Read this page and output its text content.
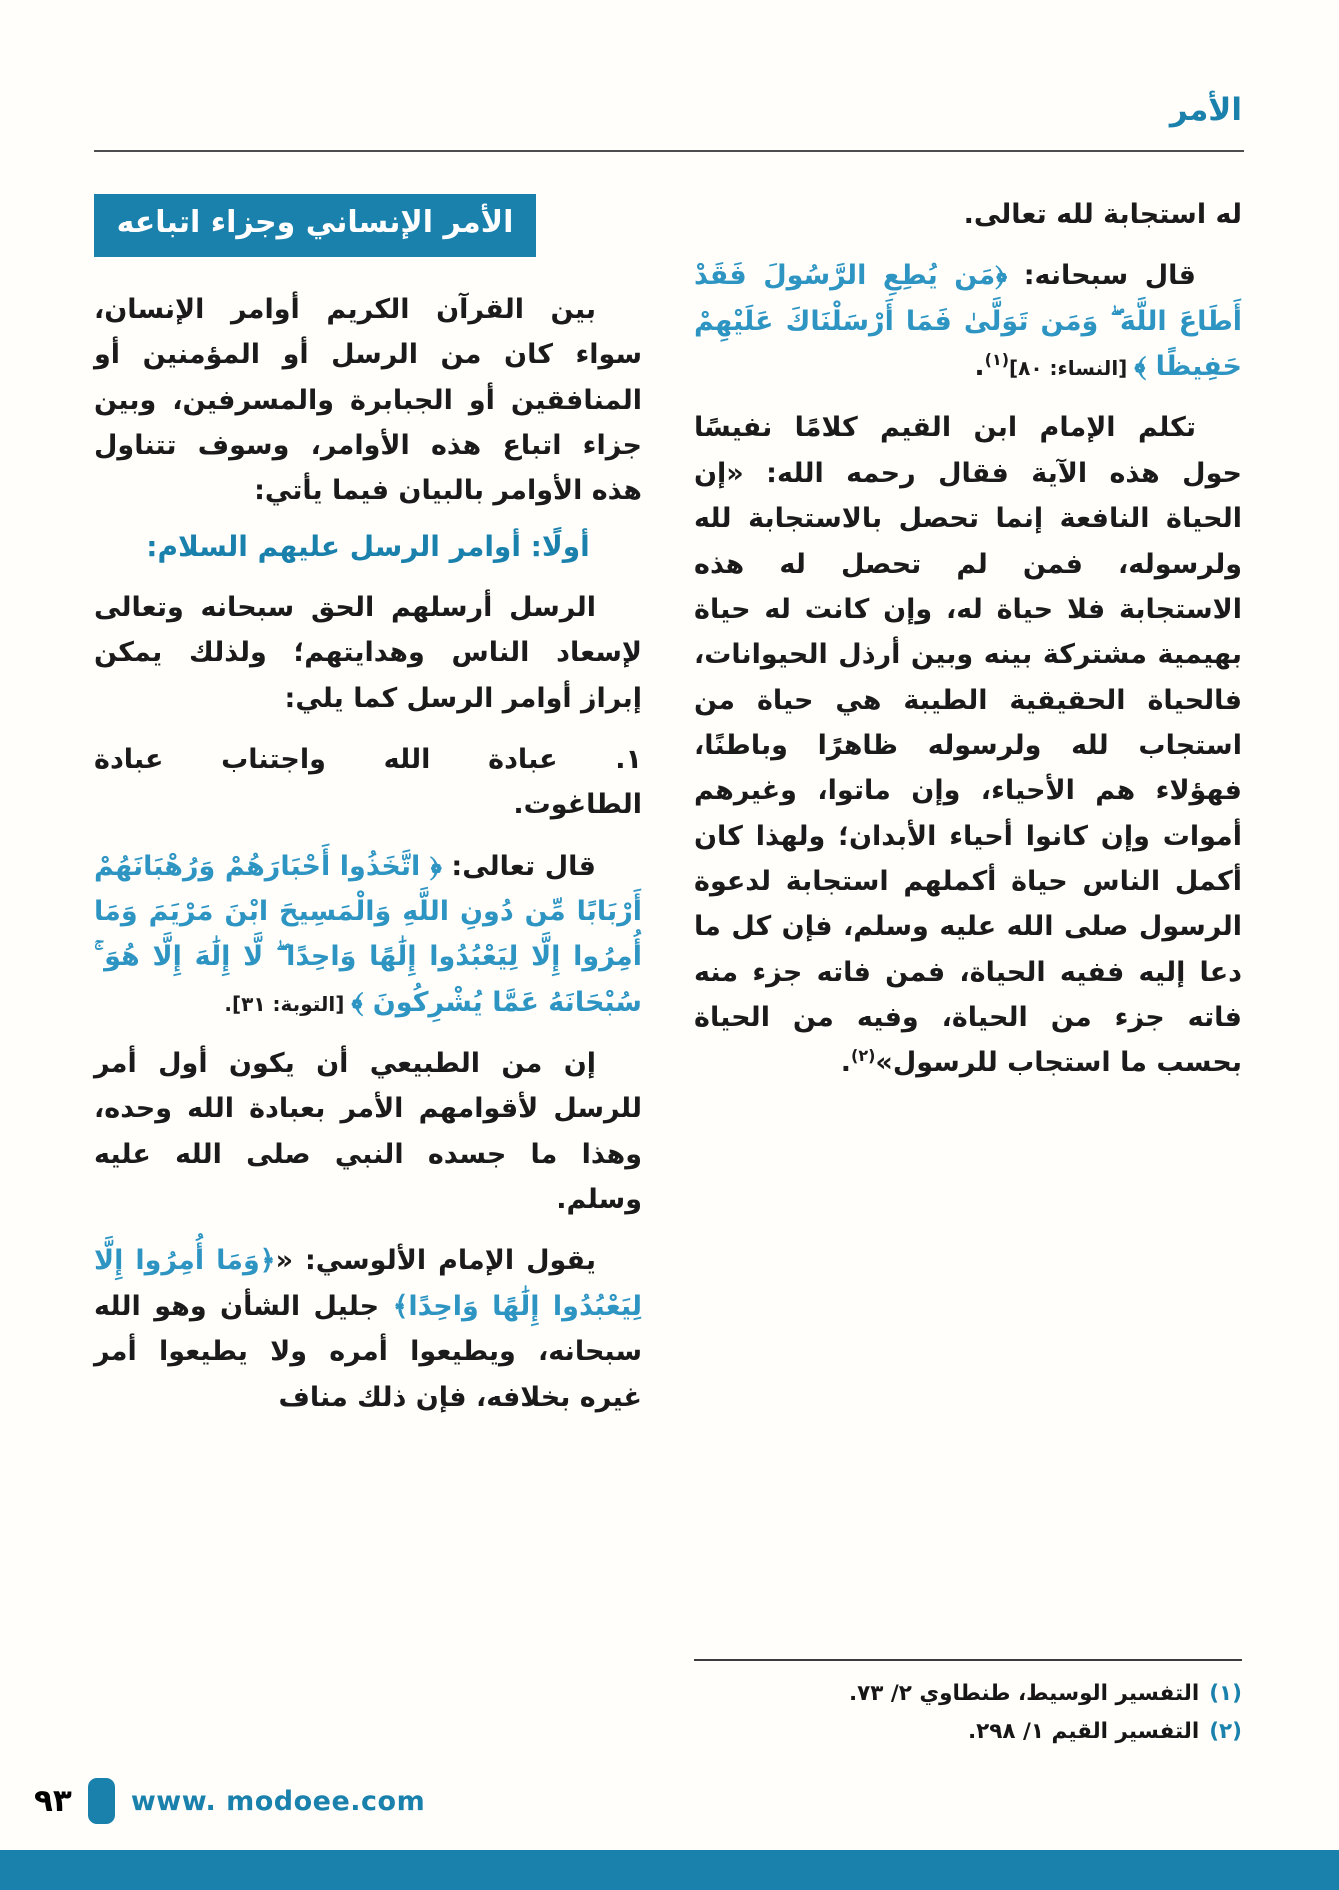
الأمر

له استجابة لله تعالى.

قال سبحانه: ﴿مَن يُطِعِ الرَّسُولَ فَقَدْ أَطَاعَ اللَّهَ ۖ وَمَن تَوَلَّىٰ فَمَا أَرْسَلْنَاكَ عَلَيْهِمْ حَفِيظًا ﴾ [النساء: ٨٠]$^{(١)}$.

تكلم الإمام ابن القيم كلامًا نفيسًا حول هذه الآية فقال رحمه الله: «إن الحياة النافعة إنما تحصل بالاستجابة لله ولرسوله، فمن لم تحصل له هذه الاستجابة فلا حياة له، وإن كانت له حياة بهيمية مشتركة بينه وبين أرذل الحيوانات، فالحياة الحقيقية الطيبة هي حياة من استجاب لله ولرسوله ظاهرًا وباطنًا، فهؤلاء هم الأحياء، وإن ماتوا، وغيرهم أموات وإن كانوا أحياء الأبدان؛ ولهذا كان أكمل الناس حياة أكملهم استجابة لدعوة الرسول صلى الله عليه وسلم، فإن كل ما دعا إليه ففيه الحياة، فمن فاته جزء منه فاته جزء من الحياة، وفيه من الحياة بحسب ما استجاب للرسول»$^{(٢)}$.

(١)
التفسير الوسيط، طنطاوي ٢/ ٧٣.
(٢)
التفسير القيم ١/ ٢٩٨.
الأمر الإنساني وجزاء اتباعه

بين القرآن الكريم أوامر الإنسان، سواء كان من الرسل أو المؤمنين أو المنافقين أو الجبابرة والمسرفين، وبين جزاء اتباع هذه الأوامر، وسوف تتناول هذه الأوامر بالبيان فيما يأتي:

أولًا: أوامر الرسل عليهم السلام:

الرسل أرسلهم الحق سبحانه وتعالى لإسعاد الناس وهدايتهم؛ ولذلك يمكن إبراز أوامر الرسل كما يلي:

١. عبادة الله واجتناب عبادة الطاغوت.

قال تعالى: ﴿ اتَّخَذُوا أَحْبَارَهُمْ وَرُهْبَانَهُمْ أَرْبَابًا مِّن دُونِ اللَّهِ وَالْمَسِيحَ ابْنَ مَرْيَمَ وَمَا أُمِرُوا إِلَّا لِيَعْبُدُوا إِلَٰهًا وَاحِدًا ۖ لَّا إِلَٰهَ إِلَّا هُوَ ۚ سُبْحَانَهُ عَمَّا يُشْرِكُونَ ﴾ [التوبة: ٣١].

إن من الطبيعي أن يكون أول أمر للرسل لأقوامهم الأمر بعبادة الله وحده، وهذا ما جسده النبي صلى الله عليه وسلم.

يقول الإمام الألوسي: «﴿وَمَا أُمِرُوا إِلَّا لِيَعْبُدُوا إِلَٰهًا وَاحِدًا﴾ جليل الشأن وهو الله سبحانه، ويطيعوا أمره ولا يطيعوا أمر غيره بخلافه، فإن ذلك مناف

٩٣ www. modoee.com
